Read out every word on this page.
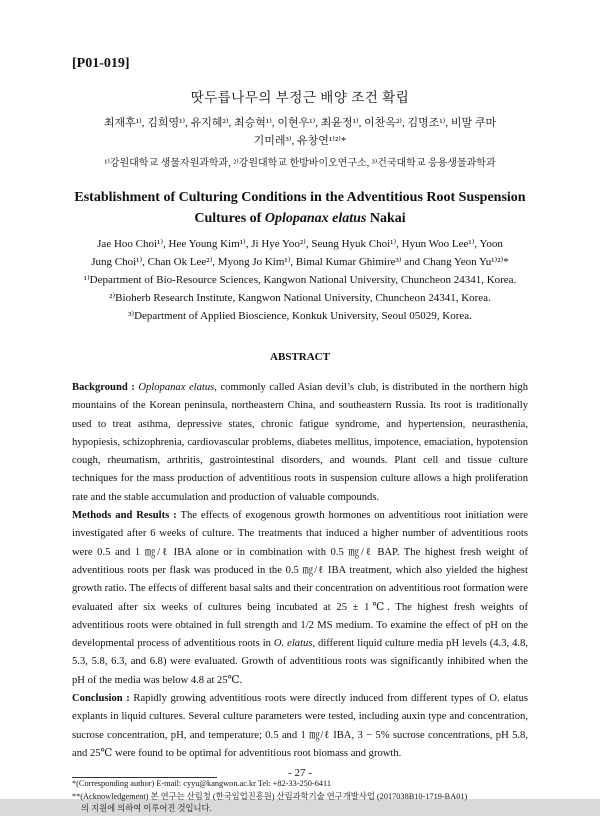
[P01-019]
땃두릅나무의 부정근 배양 조건 확립
최재후¹⁾, 김희영¹⁾, 유지혜²⁾, 최승혁¹⁾, 이현우¹⁾, 최윤정¹⁾, 이찬옥²⁾, 김명조¹⁾, 비말 쿠마
기미레³⁾, 유창연¹⁾²⁾*
¹⁾강원대학교 생물자원과학과, ²⁾강원대학교 한방바이오연구소, ³⁾건국대학교 응용생물과학과
Establishment of Culturing Conditions in the Adventitious Root Suspension
Cultures of Oplopanax elatus Nakai
Jae Hoo Choi¹⁾, Hee Young Kim¹⁾, Ji Hye Yoo²⁾, Seung Hyuk Choi¹⁾, Hyun Woo Lee¹⁾, Yoon
Jung Choi¹⁾, Chan Ok Lee²⁾, Myong Jo Kim¹⁾, Bimal Kumar Ghimire³⁾ and Chang Yeon Yu¹⁾²⁾*
¹⁾Department of Bio-Resource Sciences, Kangwon National University, Chuncheon 24341, Korea.
²⁾Bioherb Research Institute, Kangwon National University, Chuncheon 24341, Korea.
³⁾Department of Applied Bioscience, Konkuk University, Seoul 05029, Korea.
ABSTRACT

Background : Oplopanax elatus, commonly called Asian devil’s club, is distributed in the northern high mountains of the Korean peninsula, northeastern China, and southeastern Russia. Its root is traditionally used to treat asthma, depressive states, chronic fatigue syndrome, and hypertension, neurasthenia, hypopiesis, schizophrenia, cardiovascular problems, diabetes mellitus, impotence, emaciation, hypotension cough, rheumatism, arthritis, gastrointestinal disorders, and wounds. Plant cell and tissue culture techniques for the mass production of adventitious roots in suspension culture allows a high proliferation rate and the stable accumulation and production of valuable compounds.

Methods and Results : The effects of exogenous growth hormones on adventitious root initiation were investigated after 6 weeks of culture. The treatments that induced a higher number of adventitious roots were 0.5 and 1 ㎎/ℓ IBA alone or in combination with 0.5 ㎎/ℓ BAP. The highest fresh weight of adventitious roots per flask was produced in the 0.5 ㎎/ℓ IBA treatment, which also yielded the highest growth ratio. The effects of different basal salts and their concentration on adventitious root formation were evaluated after six weeks of cultures being incubated at 25 ± 1℃. The highest fresh weights of adventitious roots were obtained in full strength and 1/2 MS medium. To examine the effect of pH on the developmental process of adventitious roots in O. elatus, different liquid culture media pH levels (4.3, 4.8, 5.3, 5.8, 6.3, and 6.8) were evaluated. Growth of adventitious roots was significantly inhibited when the pH of the media was below 4.8 at 25℃.

Conclusion : Rapidly growing adventitious roots were directly induced from different types of O. elatus explants in liquid cultures. Several culture parameters were tested, including auxin type and concentration, sucrose concentration, pH, and temperature; 0.5 and 1 ㎎/ℓ IBA, 3 − 5% sucrose concentrations, pH 5.8, and 25℃ were found to be optimal for adventitious root biomass and growth.

*(Corresponding author) E-mail: cyyu@kangwon.ac.kr Tel: +82-33-250-6411
**(Acknowledgement) 본 연구는 산림청 (한국임업진흥원) 산림과학기술 연구개발사업 (2017038B10-1719-BA01)
의 지원에 의하여 이루어진 것입니다.
- 27 -
